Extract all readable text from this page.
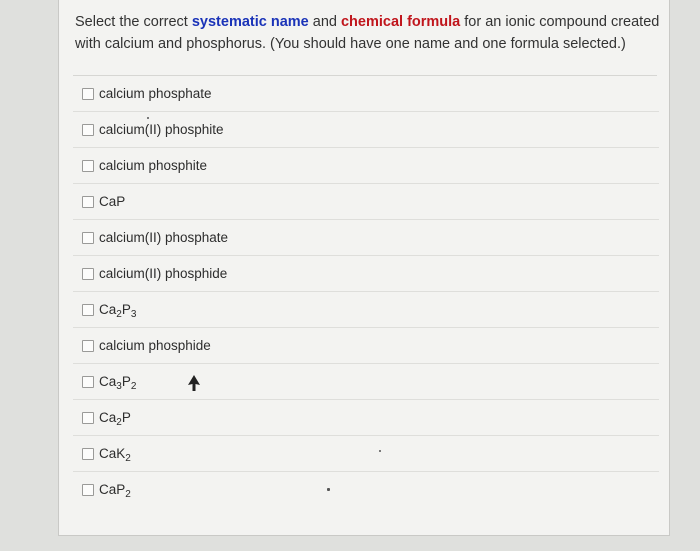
Select the correct systematic name and chemical formula for an ionic compound created with calcium and phosphorus. (You should have one name and one formula selected.)
calcium phosphate
calcium(II) phosphite
calcium phosphite
CaP
calcium(II) phosphate
calcium(II) phosphide
$Ca_2P_3$
calcium phosphide
$Ca_3P_2$
$Ca_2P$
CaK$_2$
CaP$_2$
